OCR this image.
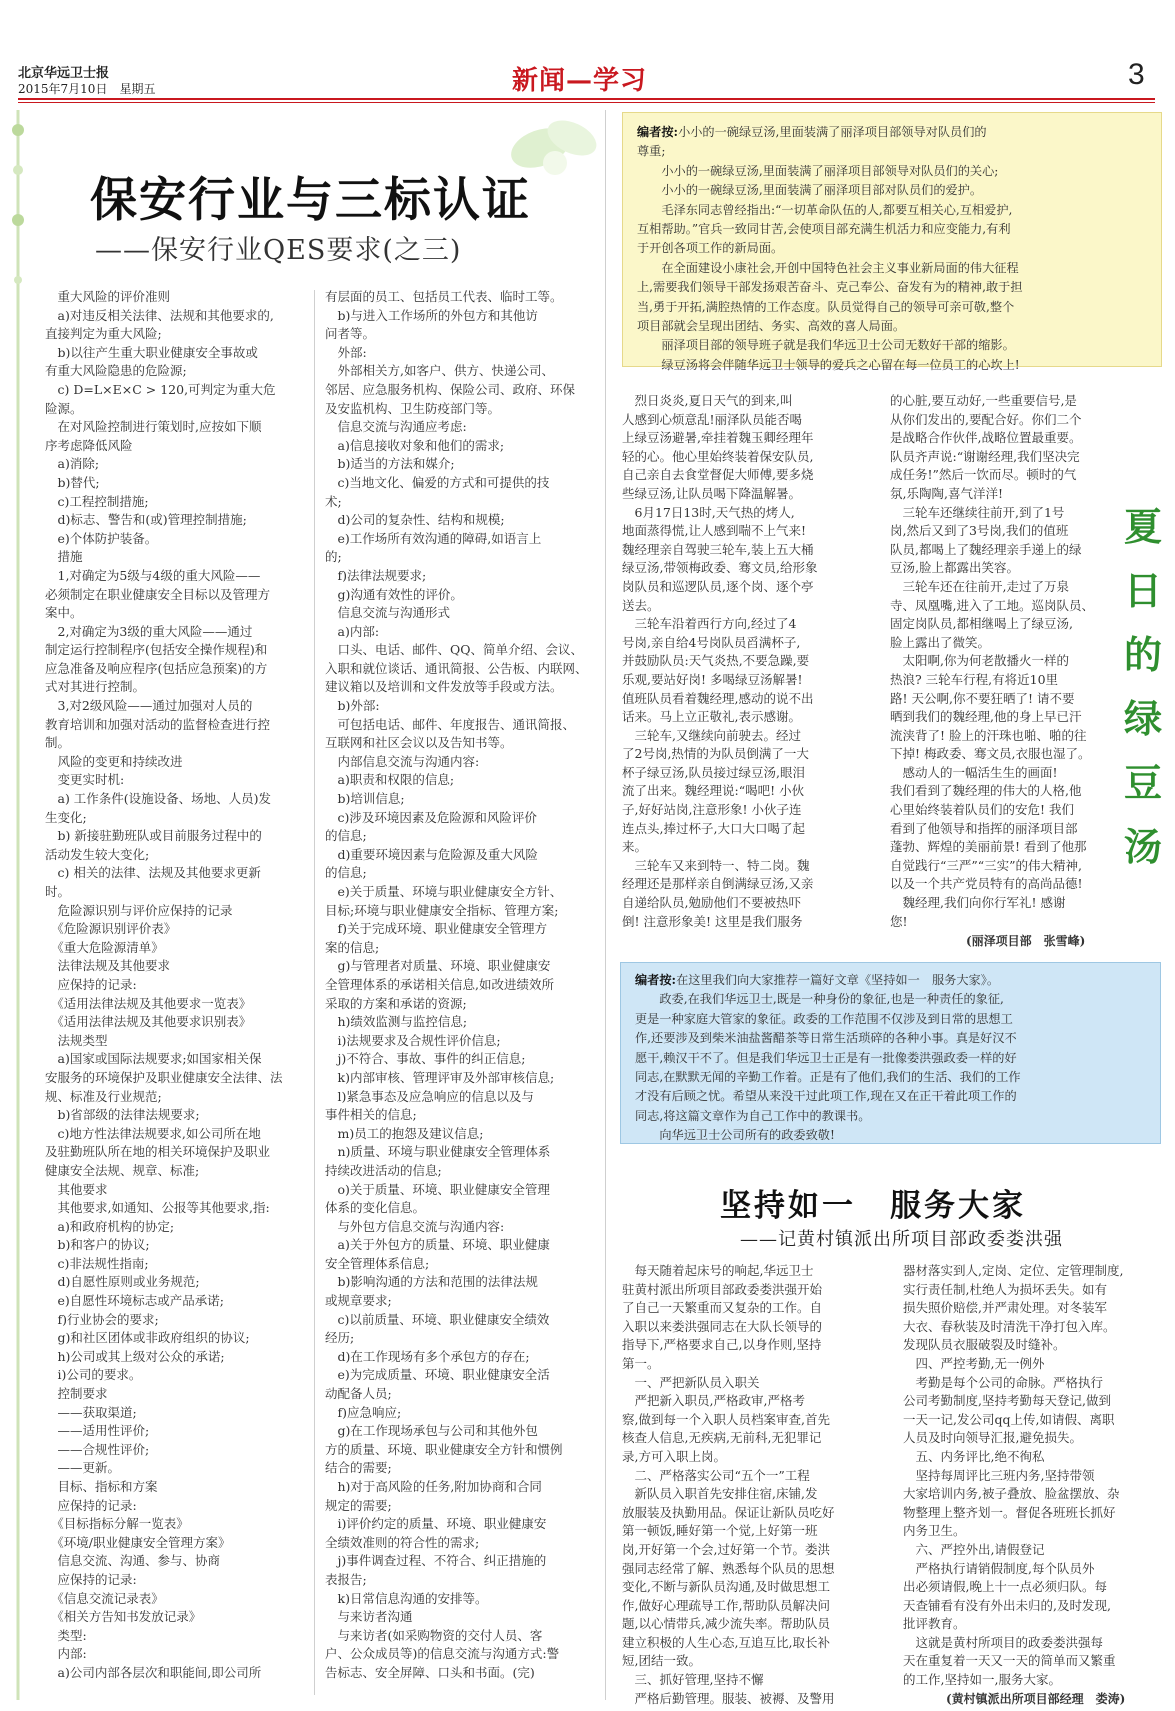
北京华远卫士报
2015年7月10日　星期五	新闻—学习	3
保安行业与三标认证
——保安行业QES要求(之三)

　重大风险的评价准则

　a)对违反相关法律、法规和其他要求的,

直接判定为重大风险;

　b)以往产生重大职业健康安全事故或

有重大风险隐患的危险源;

　c) D=L×E×C > 120,可判定为重大危

险源。

　在对风险控制进行策划时,应按如下顺

序考虑降低风险

　a)消除;

　b)替代;

　c)工程控制措施;

　d)标志、警告和(或)管理控制措施;

　e)个体防护装备。

　措施

　1,对确定为5级与4级的重大风险——

必须制定在职业健康安全目标以及管理方

案中。

　2,对确定为3级的重大风险——通过

制定运行控制程序(包括安全操作规程)和

应急准备及响应程序(包括应急预案)的方

式对其进行控制。

　3,对2级风险——通过加强对人员的

教育培训和加强对活动的监督检查进行控

制。

　风险的变更和持续改进

　变更实时机:

　a) 工作条件(设施设备、场地、人员)发

生变化;

　b) 新接驻勤班队或目前服务过程中的

活动发生较大变化;

　c) 相关的法律、法规及其他要求更新

时。

　危险源识别与评价应保持的记录

　《危险源识别评价表》

　《重大危险源清单》

　法律法规及其他要求

　应保持的记录:

　《适用法律法规及其他要求一览表》

　《适用法律法规及其他要求识别表》

　法规类型

　a)国家或国际法规要求;如国家相关保

安服务的环境保护及职业健康安全法律、法

规、标准及行业规范;

　b)省部级的法律法规要求;

　c)地方性法律法规要求,如公司所在地

及驻勤班队所在地的相关环境保护及职业

健康安全法规、规章、标准;

　其他要求

　其他要求,如通知、公报等其他要求,指:

　a)和政府机构的协定;

　b)和客户的协议;

　c)非法规性指南;

　d)自愿性原则或业务规范;

　e)自愿性环境标志或产品承诺;

　f)行业协会的要求;

　g)和社区团体或非政府组织的协议;

　h)公司或其上级对公众的承诺;

　i)公司的要求。

　控制要求

　——获取渠道;

　——适用性评价;

　——合规性评价;

　——更新。

　目标、指标和方案

　应保持的记录:

　《目标指标分解一览表》

　《环境/职业健康安全管理方案》

　信息交流、沟通、参与、协商

　应保持的记录:

　《信息交流记录表》

　《相关方告知书发放记录》

　类型:

　内部:

　a)公司内部各层次和职能间,即公司所

有层面的员工、包括员工代表、临时工等。

　b)与进入工作场所的外包方和其他访

问者等。

　外部:

　外部相关方,如客户、供方、快递公司、

邻居、应急服务机构、保险公司、政府、环保

及安监机构、卫生防疫部门等。

　信息交流与沟通应考虑:

　a)信息接收对象和他们的需求;

　b)适当的方法和媒介;

　c)当地文化、偏爱的方式和可提供的技

术;

　d)公司的复杂性、结构和规模;

　e)工作场所有效沟通的障碍,如语言上

的;

　f)法律法规要求;

　g)沟通有效性的评价。

　信息交流与沟通形式

　a)内部:

　口头、电话、邮件、QQ、简单介绍、会议、

入职和就位谈话、通讯简报、公告板、内联网、

建议箱以及培训和文件发放等手段或方法。

　b)外部:

　可包括电话、邮件、年度报告、通讯简报、

互联网和社区会议以及告知书等。

　内部信息交流与沟通内容:

　a)职责和权限的信息;

　b)培训信息;

　c)涉及环境因素及危险源和风险评价

的信息;

　d)重要环境因素与危险源及重大风险

的信息;

　e)关于质量、环境与职业健康安全方针、

目标;环境与职业健康安全指标、管理方案;

　f)关于完成环境、职业健康安全管理方

案的信息;

　g)与管理者对质量、环境、职业健康安

全管理体系的承诺相关信息,如改进绩效所

采取的方案和承诺的资源;

　h)绩效监测与监控信息;

　i)法规要求及合规性评价信息;

　j)不符合、事故、事件的纠正信息;

　k)内部审核、管理评审及外部审核信息;

　l)紧急事态及应急响应的信息以及与

事件相关的信息;

　m)员工的抱怨及建议信息;

　n)质量、环境与职业健康安全管理体系

持续改进活动的信息;

　o)关于质量、环境、职业健康安全管理

体系的变化信息。

　与外包方信息交流与沟通内容:

　a)关于外包方的质量、环境、职业健康

安全管理体系信息;

　b)影响沟通的方法和范围的法律法规

或规章要求;

　c)以前质量、环境、职业健康安全绩效

经历;

　d)在工作现场有多个承包方的存在;

　e)为完成质量、环境、职业健康安全活

动配备人员;

　f)应急响应;

　g)在工作现场承包与公司和其他外包

方的质量、环境、职业健康安全方针和惯例

结合的需要;

　h)对于高风险的任务,附加协商和合同

规定的需要;

　i)评价约定的质量、环境、职业健康安

全绩效准则的符合性的需求;

　j)事件调查过程、不符合、纠正措施的

表报告;

　k)日常信息沟通的安排等。

　与来访者沟通

　与来访者(如采购物资的交付人员、客

户、公众成员等)的信息交流与沟通方式:警

告标志、安全屏障、口头和书面。(完)

编者按:小小的一碗绿豆汤,里面装满了丽泽项目部领导对队员们的

尊重;

　　小小的一碗绿豆汤,里面装满了丽泽项目部领导对队员们的关心;

　　小小的一碗绿豆汤,里面装满了丽泽项目部对队员们的爱护。

　　毛泽东同志曾经指出:“一切革命队伍的人,都要互相关心,互相爱护,

互相帮助。”官兵一致同甘苦,会使项目部充满生机活力和应变能力,有利

于开创各项工作的新局面。

　　在全面建设小康社会,开创中国特色社会主义事业新局面的伟大征程

上,需要我们领导干部发扬艰苦奋斗、克己奉公、奋发有为的精神,敢于担

当,勇于开拓,满腔热情的工作态度。队员觉得自己的领导可亲可敬,整个

项目部就会呈现出团结、务实、高效的喜人局面。

　　丽泽项目部的领导班子就是我们华远卫士公司无数好干部的缩影。

　　绿豆汤将会伴随华远卫士领导的爱兵之心留在每一位员工的心坎上!

　烈日炎炎,夏日天气的到来,叫

人感到心烦意乱!丽泽队员能否喝

上绿豆汤避暑,牵挂着魏玉卿经理年

轻的心。他心里始终装着保安队员,

自己亲自去食堂督促大师傅,要多烧

些绿豆汤,让队员喝下降温解暑。

　6月17日13时,天气热的烤人,

地面蒸得慌,让人感到喘不上气来!

魏经理亲自驾驶三轮车,装上五大桶

绿豆汤,带领梅政委、骞文员,给形象

岗队员和巡逻队员,逐个岗、逐个亭

送去。

　三轮车沿着西行方向,经过了4

号岗,亲自给4号岗队员舀满杯子,

并鼓励队员:天气炎热,不要急躁,要

乐观,要站好岗! 多喝绿豆汤解暑!

值班队员看着魏经理,感动的说不出

话来。马上立正敬礼,表示感谢。

　三轮车,又继续向前驶去。经过

了2号岗,热情的为队员倒满了一大

杯子绿豆汤,队员接过绿豆汤,眼泪

流了出来。魏经理说:“喝吧! 小伙

子,好好站岗,注意形象! 小伙子连

连点头,捧过杯子,大口大口喝了起

来。

　三轮车又来到特一、特二岗。魏

经理还是那样亲自倒满绿豆汤,又亲

自递给队员,勉励他们不要被热吓

倒! 注意形象美! 这里是我们服务

的心脏,要互动好,一些重要信号,是

从你们发出的,要配合好。你们二个

是战略合作伙伴,战略位置最重要。

队员齐声说:“谢谢经理,我们坚决完

成任务!”然后一饮而尽。顿时的气

氛,乐陶陶,喜气洋洋!

　三轮车还继续往前开,到了1号

岗,然后又到了3号岗,我们的值班

队员,都喝上了魏经理亲手递上的绿

豆汤,脸上都露出笑容。

　三轮车还在往前开,走过了万泉

寺、凤凰嘴,进入了工地。巡岗队员、

固定岗队员,都相继喝上了绿豆汤,

脸上露出了微笑。

　太阳啊,你为何老散播火一样的

热浪? 三轮车行程,有将近10里

路! 天公啊,你不要狂晒了! 请不要

晒到我们的魏经理,他的身上早已汗

流浃背了! 脸上的汗珠也啪、啪的往

下掉! 梅政委、骞文员,衣服也湿了。

　感动人的一幅活生生的画面!

我们看到了魏经理的伟大的人格,他

心里始终装着队员们的安危! 我们

看到了他领导和指挥的丽泽项目部

蓬勃、辉煌的美丽前景! 看到了他那

自觉践行“三严”“三实”的伟大精神,

以及一个共产党员特有的高尚品德!

　魏经理,我们向你行军礼! 感谢

您!

(丽泽项目部　张雪峰)
夏日的绿豆汤

编者按:在这里我们向大家推荐一篇好文章《坚持如一　服务大家》。

　　政委,在我们华远卫士,既是一种身份的象征,也是一种责任的象征,

更是一种家庭大管家的象征。政委的工作范围不仅涉及到日常的思想工

作,还要涉及到柴米油盐酱醋茶等日常生活琐碎的各种小事。真是好汉不

愿干,赖汉干不了。但是我们华远卫士正是有一批像娄洪强政委一样的好

同志,在默默无闻的辛勤工作着。正是有了他们,我们的生活、我们的工作

才没有后顾之忧。希望从来没干过此项工作,现在又在正干着此项工作的

同志,将这篇文章作为自己工作中的教课书。

　　向华远卫士公司所有的政委致敬!

坚持如一　服务大家
——记黄村镇派出所项目部政委娄洪强

　每天随着起床号的响起,华远卫士

驻黄村派出所项目部政委娄洪强开始

了自己一天繁重而又复杂的工作。自

入职以来娄洪强同志在大队长领导的

指导下,严格要求自己,以身作则,坚持

第一。

　一、严把新队员入职关

　严把新入职员,严格政审,严格考

察,做到每一个入职人员档案审查,首先

核查人信息,无疾病,无前科,无犯罪记

录,方可入职上岗。

　二、严格落实公司“五个一”工程

　新队员入职首先安排住宿,床铺,发

放服装及执勤用品。保证让新队员吃好

第一顿饭,睡好第一个觉,上好第一班

岗,开好第一个会,过好第一个节。娄洪

强同志经常了解、熟悉每个队员的思想

变化,不断与新队员沟通,及时做思想工

作,做好心理疏导工作,帮助队员解决问

题,以心情带兵,减少流失率。帮助队员

建立积极的人生心态,互追互比,取长补

短,团结一致。

　三、抓好管理,坚持不懈

　严格后勤管理。服装、被褥、及警用

器材落实到人,定岗、定位、定管理制度,

实行责任制,杜绝人为损坏丢失。如有

损失照价赔偿,并严肃处理。对冬装军

大衣、春秋装及时清洗干净打包入库。

发现队员衣服破裂及时缝补。

　四、严控考勤,无一例外

　考勤是每个公司的命脉。严格执行

公司考勤制度,坚持考勤每天登记,做到

一天一记,发公司qq上传,如请假、离职

人员及时向领导汇报,避免损失。

　五、内务评比,绝不徇私

　坚持每周评比三班内务,坚持带领

大家培训内务,被子叠放、脸盆摆放、杂

物整理上整齐划一。督促各班班长抓好

内务卫生。

　六、严控外出,请假登记

　严格执行请销假制度,每个队员外

出必须请假,晚上十一点必须归队。每

天查铺看有没有外出未归的,及时发现,

批评教育。

　这就是黄村所项目的政委娄洪强每

天在重复着一天又一天的简单而又繁重

的工作,坚持如一,服务大家。

(黄村镇派出所项目部经理　娄涛)
